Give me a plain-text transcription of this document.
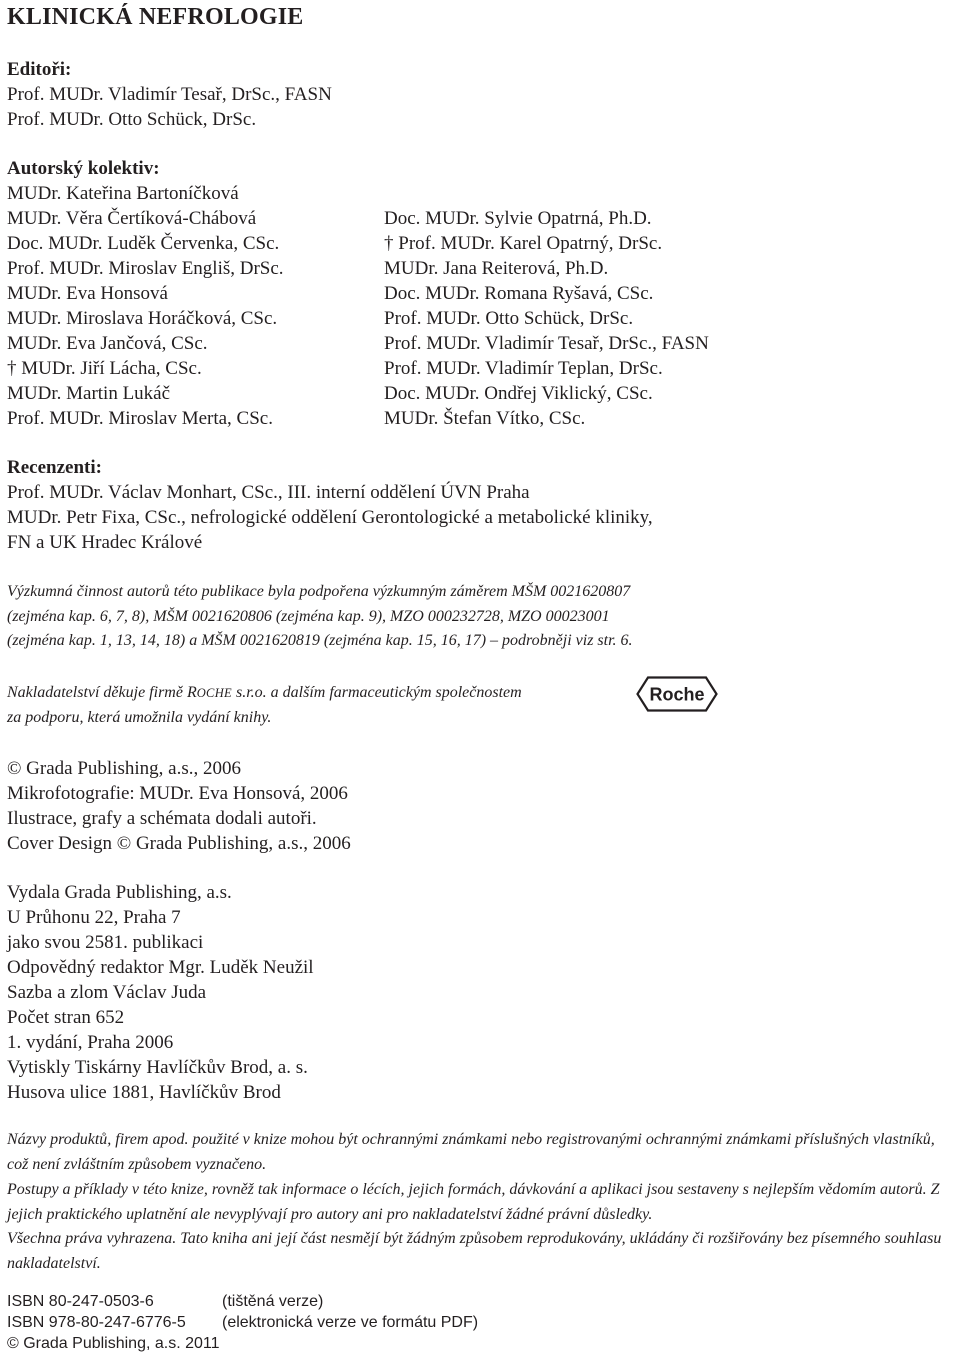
KLINICKÁ NEFROLOGIE
Editoři:
Prof. MUDr. Vladimír Tesař, DrSc., FASN
Prof. MUDr. Otto Schück, DrSc.
Autorský kolektiv:
MUDr. Kateřina Bartoníčková
MUDr. Věra Čertíková-Chábová
Doc. MUDr. Luděk Červenka, CSc.
Prof. MUDr. Miroslav Engliš, DrSc.
MUDr. Eva Honsová
MUDr. Miroslava Horáčková, CSc.
MUDr. Eva Jančová, CSc.
† MUDr. Jiří Lácha, CSc.
MUDr. Martin Lukáč
Prof. MUDr. Miroslav Merta, CSc.
Doc. MUDr. Sylvie Opatrná, Ph.D.
† Prof. MUDr. Karel Opatrný, DrSc.
MUDr. Jana Reiterová, Ph.D.
Doc. MUDr. Romana Ryšavá, CSc.
Prof. MUDr. Otto Schück, DrSc.
Prof. MUDr. Vladimír Tesař, DrSc., FASN
Prof. MUDr. Vladimír Teplan, DrSc.
Doc. MUDr. Ondřej Viklický, CSc.
MUDr. Štefan Vítko, CSc.
Recenzenti:
Prof. MUDr. Václav Monhart, CSc., III. interní oddělení ÚVN Praha
MUDr. Petr Fixa, CSc., nefrologické oddělení Gerontologické a metabolické kliniky,
FN a UK Hradec Králové
Výzkumná činnost autorů této publikace byla podpořena výzkumným záměrem MŠM 0021620807
(zejména kap. 6, 7, 8), MŠM 0021620806 (zejména kap. 9), MZO 000232728, MZO 00023001
(zejména kap. 1, 13, 14, 18) a MŠM 0021620819 (zejména kap. 15, 16, 17) – podrobněji viz str. 6.
Nakladatelství děkuje firmě ROCHE s.r.o. a dalším farmaceutickým společnostem
za podporu, která umožnila vydání knihy.
Roche
© Grada Publishing, a.s., 2006
Mikrofotografie: MUDr. Eva Honsová, 2006
Ilustrace, grafy a schémata dodali autoři.
Cover Design © Grada Publishing, a.s., 2006
Vydala Grada Publishing, a.s.
U Průhonu 22, Praha 7
jako svou 2581. publikaci
Odpovědný redaktor Mgr. Luděk Neužil
Sazba a zlom Václav Juda
Počet stran 652
1. vydání, Praha 2006
Vytiskly Tiskárny Havlíčkův Brod, a. s.
Husova ulice 1881, Havlíčkův Brod
Názvy produktů, firem apod. použité v knize mohou být ochrannými známkami nebo registrovanými ochrannými známkami příslušných vlastníků, což není zvláštním způsobem vyznačeno.
Postupy a příklady v této knize, rovněž tak informace o lécích, jejich formách, dávkování a aplikaci jsou sestaveny s nejlepším vědomím autorů. Z jejich praktického uplatnění ale nevyplývají pro autory ani pro nakladatelství žádné právní důsledky.
Všechna práva vyhrazena. Tato kniha ani její část nesmějí být žádným způsobem reprodukovány, ukládány či rozšiřovány bez písemného souhlasu nakladatelství.
ISBN 80-247-0503-6	(tištěná verze)
ISBN 978-80-247-6776-5 (elektronická verze ve formátu PDF)
© Grada Publishing, a.s. 2011
